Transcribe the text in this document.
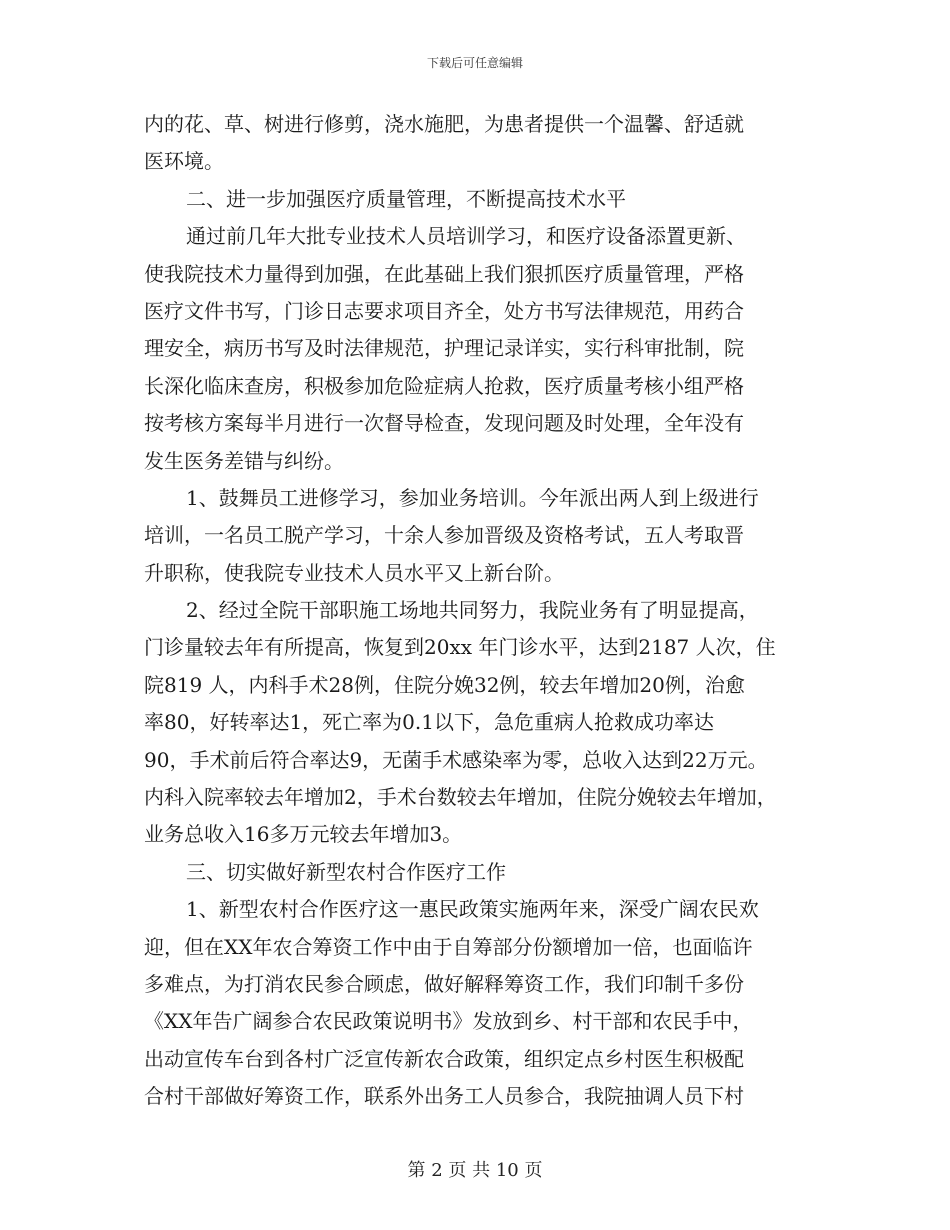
下载后可任意编辑
内的花、草、树进行修剪，浇水施肥，为患者提供一个温馨、舒适就
医环境。
二、进一步加强医疗质量管理，不断提高技术水平
通过前几年大批专业技术人员培训学习，和医疗设备添置更新、
使我院技术力量得到加强，在此基础上我们狠抓医疗质量管理，严格
医疗文件书写，门诊日志要求项目齐全，处方书写法律规范，用药合
理安全，病历书写及时法律规范，护理记录详实，实行科审批制，院
长深化临床查房，积极参加危险症病人抢救，医疗质量考核小组严格
按考核方案每半月进行一次督导检查，发现问题及时处理，全年没有
发生医务差错与纠纷。
1、鼓舞员工进修学习，参加业务培训。今年派出两人到上级进行
培训，一名员工脱产学习，十余人参加晋级及资格考试，五人考取晋
升职称，使我院专业技术人员水平又上新台阶。
2、经过全院干部职施工场地共同努力，我院业务有了明显提高，
门诊量较去年有所提高，恢复到20xx 年门诊水平，达到2187 人次，住
院819 人，内科手术28例，住院分娩32例，较去年增加20例，治愈
率80，好转率达1，死亡率为0.1以下，急危重病人抢救成功率达
90，手术前后符合率达9，无菌手术感染率为零，总收入达到22万元。
内科入院率较去年增加2，手术台数较去年增加，住院分娩较去年增加，
业务总收入16多万元较去年增加3。
三、切实做好新型农村合作医疗工作
1、新型农村合作医疗这一惠民政策实施两年来，深受广阔农民欢
迎，但在XX年农合筹资工作中由于自筹部分份额增加一倍，也面临许
多难点，为打消农民参合顾虑，做好解释筹资工作，我们印制千多份
《XX年告广阔参合农民政策说明书》发放到乡、村干部和农民手中，
出动宣传车台到各村广泛宣传新农合政策，组织定点乡村医生积极配
合村干部做好筹资工作，联系外出务工人员参合，我院抽调人员下村
第 2 页 共 10 页
